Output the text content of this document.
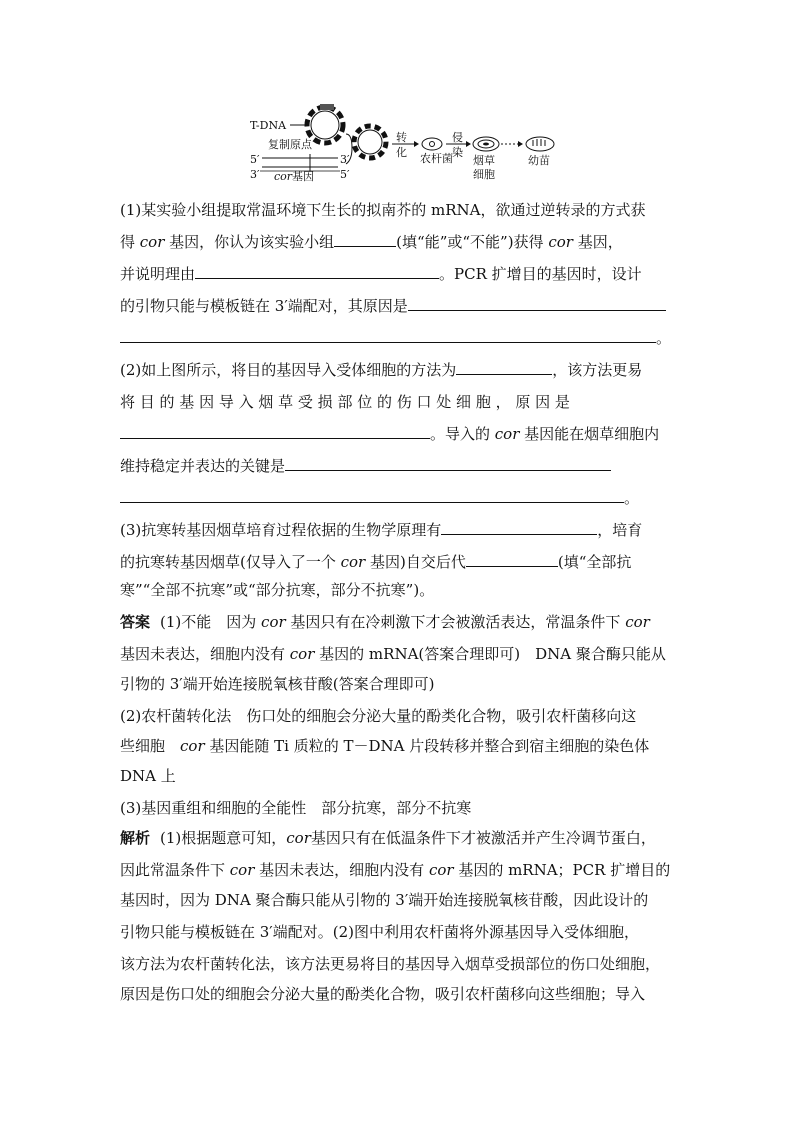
T-DNA
复制原点
5′
3′
3′
5′
cor基因
转
化 农杆菌
侵
染
烟草
细胞
幼苗
(1)某实验小组提取常温环境下生长的拟南芥的 mRNA，欲通过逆转录的方式获
得 cor 基因，你认为该实验小组	(填“能”或“不能”)获得 cor 基因，
并说明理由	。PCR 扩增目的基因时，设计
的引物只能与模板链在 3′端配对，其原因是
。
(2)如上图所示，将目的基因导入受体细胞的方法为	，该方法更易
将 目 的 基 因 导 入 烟 草 受 损 部 位 的 伤 口 处 细 胞 ， 原 因 是
。导入的 cor 基因能在烟草细胞内
维持稳定并表达的关键是
。
(3)抗寒转基因烟草培育过程依据的生物学原理有	，培育
的抗寒转基因烟草(仅导入了一个 cor 基因)自交后代	(填“全部抗
寒”“全部不抗寒”或“部分抗寒，部分不抗寒”)。
答案 (1)不能　因为 cor 基因只有在冷刺激下才会被激活表达，常温条件下 cor
基因未表达，细胞内没有 cor 基因的 mRNA(答案合理即可)　DNA 聚合酶只能从
引物的 3′端开始连接脱氧核苷酸(答案合理即可)
(2)农杆菌转化法　伤口处的细胞会分泌大量的酚类化合物，吸引农杆菌移向这
些细胞　cor 基因能随 Ti 质粒的 T－DNA 片段转移并整合到宿主细胞的染色体
DNA 上
(3)基因重组和细胞的全能性　部分抗寒，部分不抗寒
解析 (1)根据题意可知，cor基因只有在低温条件下才被激活并产生冷调节蛋白，
因此常温条件下 cor 基因未表达，细胞内没有 cor 基因的 mRNA；PCR 扩增目的
基因时，因为 DNA 聚合酶只能从引物的 3′端开始连接脱氧核苷酸，因此设计的
引物只能与模板链在 3′端配对。(2)图中利用农杆菌将外源基因导入受体细胞，
该方法为农杆菌转化法，该方法更易将目的基因导入烟草受损部位的伤口处细胞，
原因是伤口处的细胞会分泌大量的酚类化合物，吸引农杆菌移向这些细胞；导入
